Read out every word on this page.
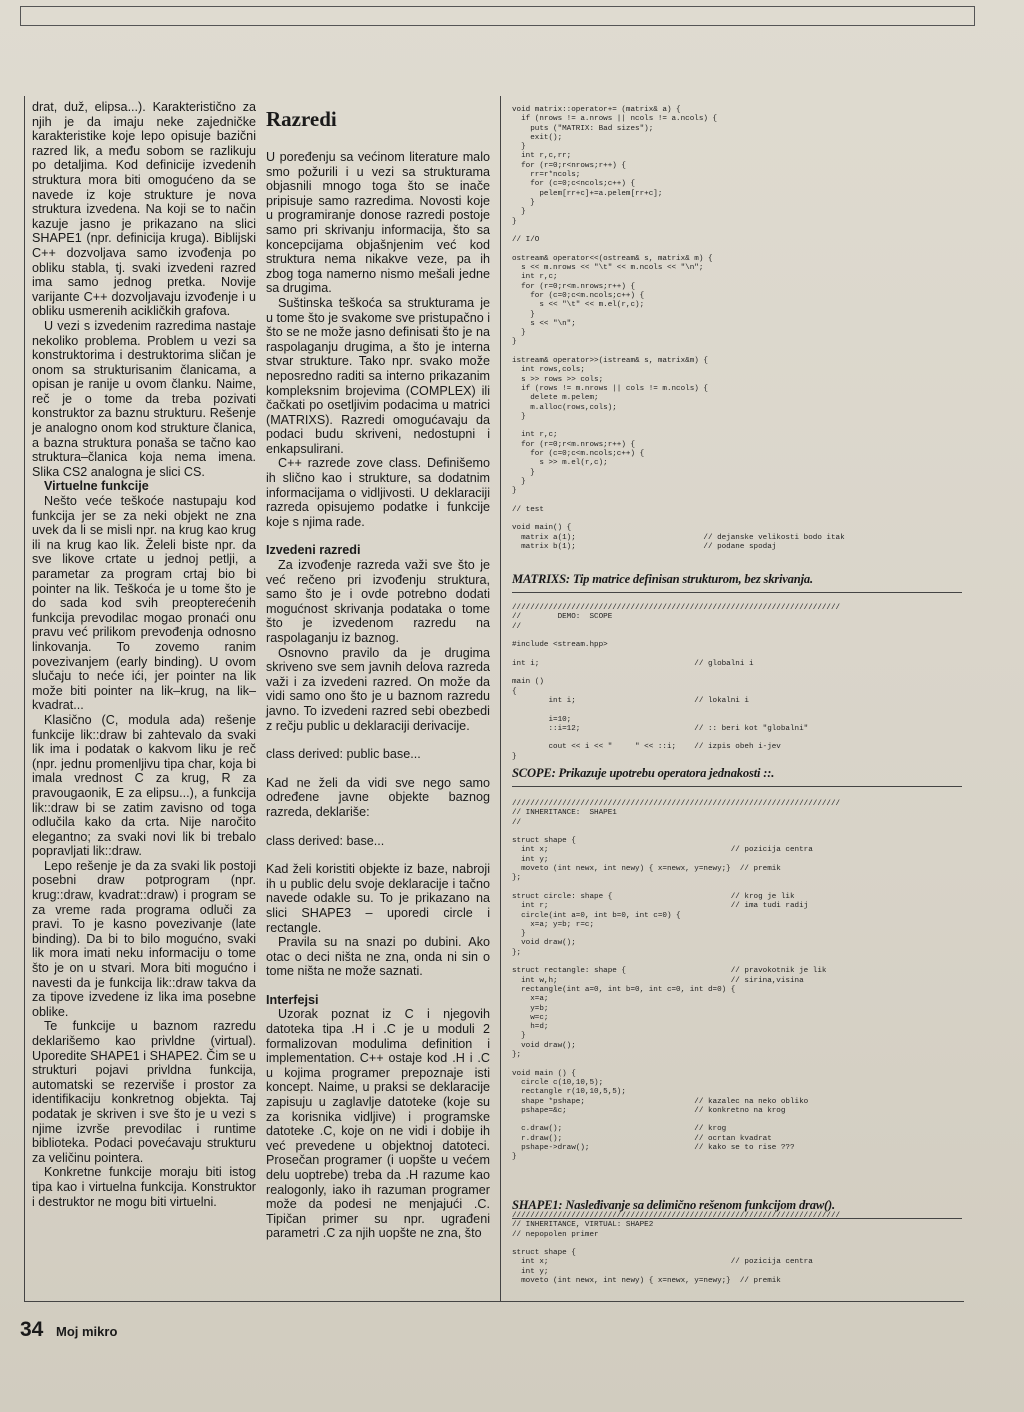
drat, duž, elipsa...). Karakteristično za njih je da imaju neke zajedničke karakteristike koje lepo opisuje bazični razred lik, a među sobom se razlikuju po detaljima. Kod definicije izvedenih struktura mora biti omogućeno da se navede iz koje strukture je nova struktura izvedena. Na koji se to način kazuje jasno je prikazano na slici SHAPE1 (npr. definicija kruga). Biblijski C++ dozvoljava samo izvođenja po obliku stabla, tj. svaki izvedeni razred ima samo jednog pretka. Novije varijante C++ dozvoljavaju izvođenje i u obliku usmerenih acikličkih grafova.

U vezi s izvedenim razredima nastaje nekoliko problema. Problem u vezi sa konstruktorima i destruktorima sličan je onom sa strukturisanim članicama, a opisan je ranije u ovom članku. Naime, reč je o tome da treba pozivati konstruktor za baznu strukturu. Rešenje je analogno onom kod strukture članica, a bazna struktura ponaša se tačno kao struktura–članica koja nema imena. Slika CS2 analogna je slici CS.

Virtuelne funkcije

Nešto veće teškoće nastupaju kod funkcija jer se za neki objekt ne zna uvek da li se misli npr. na krug kao krug ili na krug kao lik. Želeli biste npr. da sve likove crtate u jednoj petlji, a parametar za program crtaj bio bi pointer na lik. Teškoća je u tome što je do sada kod svih preopterećenih funkcija prevodilac mogao pronaći onu pravu već prilikom prevođenja odnosno linkovanja. To zovemo ranim povezivanjem (early binding). U ovom slučaju to neće ići, jer pointer na lik može biti pointer na lik–krug, na lik–kvadrat...

Klasično (C, modula ada) rešenje funkcije lik::draw bi zahtevalo da svaki lik ima i podatak o kakvom liku je reč (npr. jednu promenljivu tipa char, koja bi imala vrednost C za krug, R za pravougaonik, E za elipsu...), a funkcija lik::draw bi se zatim zavisno od toga odlučila kako da crta. Nije naročito elegantno; za svaki novi lik bi trebalo popravljati lik::draw.

Lepo rešenje je da za svaki lik postoji posebni draw potprogram (npr. krug::draw, kvadrat::draw) i program se za vreme rada programa odluči za pravi. To je kasno povezivanje (late binding). Da bi to bilo mogućno, svaki lik mora imati neku informaciju o tome što je on u stvari. Mora biti mogućno i navesti da je funkcija lik::draw takva da za tipove izvedene iz lika ima posebne oblike.

Te funkcije u baznom razredu deklarišemo kao privldne (virtual). Uporedite SHAPE1 i SHAPE2. Čim se u strukturi pojavi privldna funkcija, automatski se rezerviše i prostor za identifikaciju konkretnog objekta. Taj podatak je skriven i sve što je u vezi s njime izvrše prevodilac i runtime biblioteka. Podaci povećavaju strukturu za veličinu pointera.

Konkretne funkcije moraju biti istog tipa kao i virtuelna funkcija. Konstruktor i destruktor ne mogu biti virtuelni.

Razredi

U poređenju sa većinom literature malo smo požurili i u vezi sa strukturama objasnili mnogo toga što se inače pripisuje samo razredima. Novosti koje u programiranje donose razredi postoje samo pri skrivanju informacija, što sa koncepcijama objašnjenim već kod struktura nema nikakve veze, pa ih zbog toga namerno nismo mešali jedne sa drugima.

Suštinska teškoća sa strukturama je u tome što je svakome sve pristupačno i što se ne može jasno definisati što je na raspolaganju drugima, a što je interna stvar strukture. Tako npr. svako može neposredno raditi sa interno prikazanim kompleksnim brojevima (COMPLEX) ili čačkati po osetljivim podacima u matrici (MATRIXS). Razredi omogućavaju da podaci budu skriveni, nedostupni i enkapsulirani.

C++ razrede zove class. Definišemo ih slično kao i strukture, sa dodatnim informacijama o vidljivosti. U deklaraciji razreda opisujemo podatke i funkcije koje s njima rade.

Izvedeni razredi

Za izvođenje razreda važi sve što je već rečeno pri izvođenju struktura, samo što je i ovde potrebno dodati mogućnost skrivanja podataka o tome što je izvedenom razredu na raspolaganju iz baznog.

Osnovno pravilo da je drugima skriveno sve sem javnih delova razreda važi i za izvedeni razred. On može da vidi samo ono što je u baznom razredu javno. To izvedeni razred sebi obezbedi z rečju public u deklaraciji derivacije.

class derived: public base...

Kad ne želi da vidi sve nego samo određene javne objekte baznog razreda, deklariše:

class derived: base...

Kad želi koristiti objekte iz baze, nabroji ih u public delu svoje deklaracije i tačno navede odakle su. To je prikazano na slici SHAPE3 – uporedi circle i rectangle.

Pravila su na snazi po dubini. Ako otac o deci ništa ne zna, onda ni sin o tome ništa ne može saznati.

Interfejsi

Uzorak poznat iz C i njegovih datoteka tipa .H i .C je u moduli 2 formalizovan modulima definition i implementation. C++ ostaje kod .H i .C u kojima programer prepoznaje isti koncept. Naime, u praksi se deklaracije zapisuju u zaglavlje datoteke (koje su za korisnika vidljive) i programske datoteke .C, koje on ne vidi i dobije ih već prevedene u objektnoj datoteci. Prosečan programer (i uopšte u većem delu uoptrebe) treba da .H razume kao realogonly, iako ih razuman programer može da podesi ne menjajući .C. Tipičan primer su npr. ugrađeni parametri .C za njih uopšte ne zna, što

void matrix::operator+= (matrix& a) {
if (nrows != a.nrows || ncols != a.ncols) {
puts ("MATRIX: Bad sizes");
exit();
}
int r,c,rr;
for (r=0;r<nrows;r++) {
rr=r*ncols;
for (c=0;c<ncols;c++) {
pelem[rr+c]+=a.pelem[rr+c];
}
}
}

// I/O

ostream& operator<<(ostream& s, matrix& m) {
s << m.nrows << "\t" << m.ncols << "\n";
int r,c;
for (r=0;r<m.nrows;r++) {
for (c=0;c<m.ncols;c++) {
s << "\t" << m.el(r,c);
}
s << "\n";
}
}

istream& operator>>(istream& s, matrix&m) {
int rows,cols;
s >> rows >> cols;
if (rows != m.nrows || cols != m.ncols) {
delete m.pelem;
m.alloc(rows,cols);
}

int r,c;
for (r=0;r<m.nrows;r++) {
for (c=0;c<m.ncols;c++) {
s >> m.el(r,c);
}
}
}

// test

void main() {
matrix a(1);                            // dejanske velikosti bodo itak
matrix b(1);                            // podane spodaj
MATRIXS: Tip matrice definisan strukturom, bez skrivanja.
////////////////////////////////////////////////////////////////////////
//        DEMO:  SCOPE
//

#include <stream.hpp>

int i;                                  // globalni i

main ()
{
int i;                          // lokalni i

i=10;
::i=12;                         // :: beri kot "globalni"

cout << i << "     " << ::i;    // izpis obeh i-jev
}
SCOPE: Prikazuje upotrebu operatora jednakosti ::.
////////////////////////////////////////////////////////////////////////
// INHERITANCE:  SHAPE1
//

struct shape {
int x;                                        // pozicija centra
int y;
moveto (int newx, int newy) { x=newx, y=newy;}  // premik
};

struct circle: shape {                          // krog je lik
int r;                                        // ima tudi radij
circle(int a=0, int b=0, int c=0) {
x=a; y=b; r=c;
}
void draw();
};

struct rectangle: shape {                       // pravokotnik je lik
int w,h;                                      // sirina,visina
rectangle(int a=0, int b=0, int c=0, int d=0) {
x=a;
y=b;
w=c;
h=d;
}
void draw();
};

void main () {
circle c(10,10,5);
rectangle r(10,10,5,5);
shape *pshape;                        // kazalec na neko obliko
pshape=&c;                            // konkretno na krog

c.draw();                             // krog
r.draw();                             // ocrtan kvadrat
pshape->draw();                       // kako se to rise ???
}
SHAPE1: Nasleđivanje sa delimično rešenom funkcijom draw().
////////////////////////////////////////////////////////////////////////
// INHERITANCE, VIRTUAL: SHAPE2
// nepopolen primer

struct shape {
int x;                                        // pozicija centra
int y;
moveto (int newx, int newy) { x=newx, y=newy;}  // premik
34 Moj mikro
